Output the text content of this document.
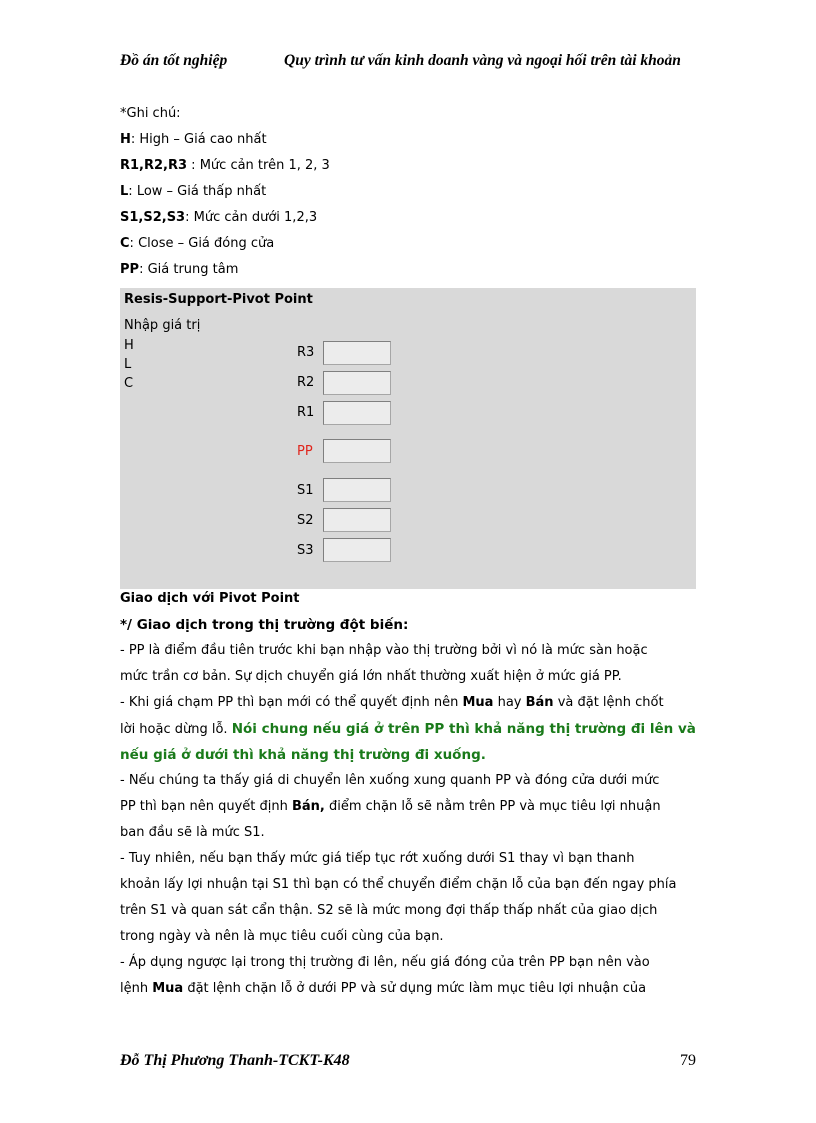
Đồ án tốt nghiệp	Quy trình tư vấn kinh doanh vàng và ngoại hối trên tài khoản
*Ghi chú:
H: High – Giá cao nhất
R1,R2,R3 : Mức cản trên 1, 2, 3
L: Low – Giá thấp nhất
S1,S2,S3: Mức cản dưới 1,2,3
C: Close – Giá đóng cửa
PP: Giá trung tâm
Resis-Support-Pivot Point
Nhập giá trị
H
L
C
R3
R2
R1
PP
S1
S2
S3
Giao dịch với Pivot Point
*/ Giao dịch trong thị trường đột biến:
- PP là điểm đầu tiên trước khi bạn nhập vào thị trường bởi vì nó là mức sàn hoặc
mức trần cơ bản. Sự dịch chuyển giá lớn nhất thường xuất hiện ở mức giá PP.
- Khi giá chạm PP thì bạn mới có thể quyết định nên Mua hay Bán và đặt lệnh chốt
lời hoặc dừng lỗ. Nói chung nếu giá ở trên PP thì khả năng thị trường đi lên và
nếu giá ở dưới thì khả năng thị trường đi xuống.
- Nếu chúng ta thấy giá di chuyển lên xuống xung quanh PP và đóng cửa dưới mức
PP thì bạn nên quyết định Bán, điểm chặn lỗ sẽ nằm trên PP và mục tiêu lợi nhuận
ban đầu sẽ là mức S1.
- Tuy nhiên, nếu bạn thấy mức giá tiếp tục rớt xuống dưới S1 thay vì bạn thanh
khoản lấy lợi nhuận tại S1 thì bạn có thể chuyển điểm chặn lỗ của bạn đến ngay phía
trên S1 và quan sát cẩn thận. S2 sẽ là mức mong đợi thấp thấp nhất của giao dịch
trong ngày và nên là mục tiêu cuối cùng của bạn.
- Áp dụng ngược lại trong thị trường đi lên, nếu giá đóng của trên PP bạn nên vào
lệnh Mua đặt lệnh chặn lỗ ở dưới PP và sử dụng mức làm mục tiêu lợi nhuận của
Đỗ Thị Phương Thanh-TCKT-K48	79
